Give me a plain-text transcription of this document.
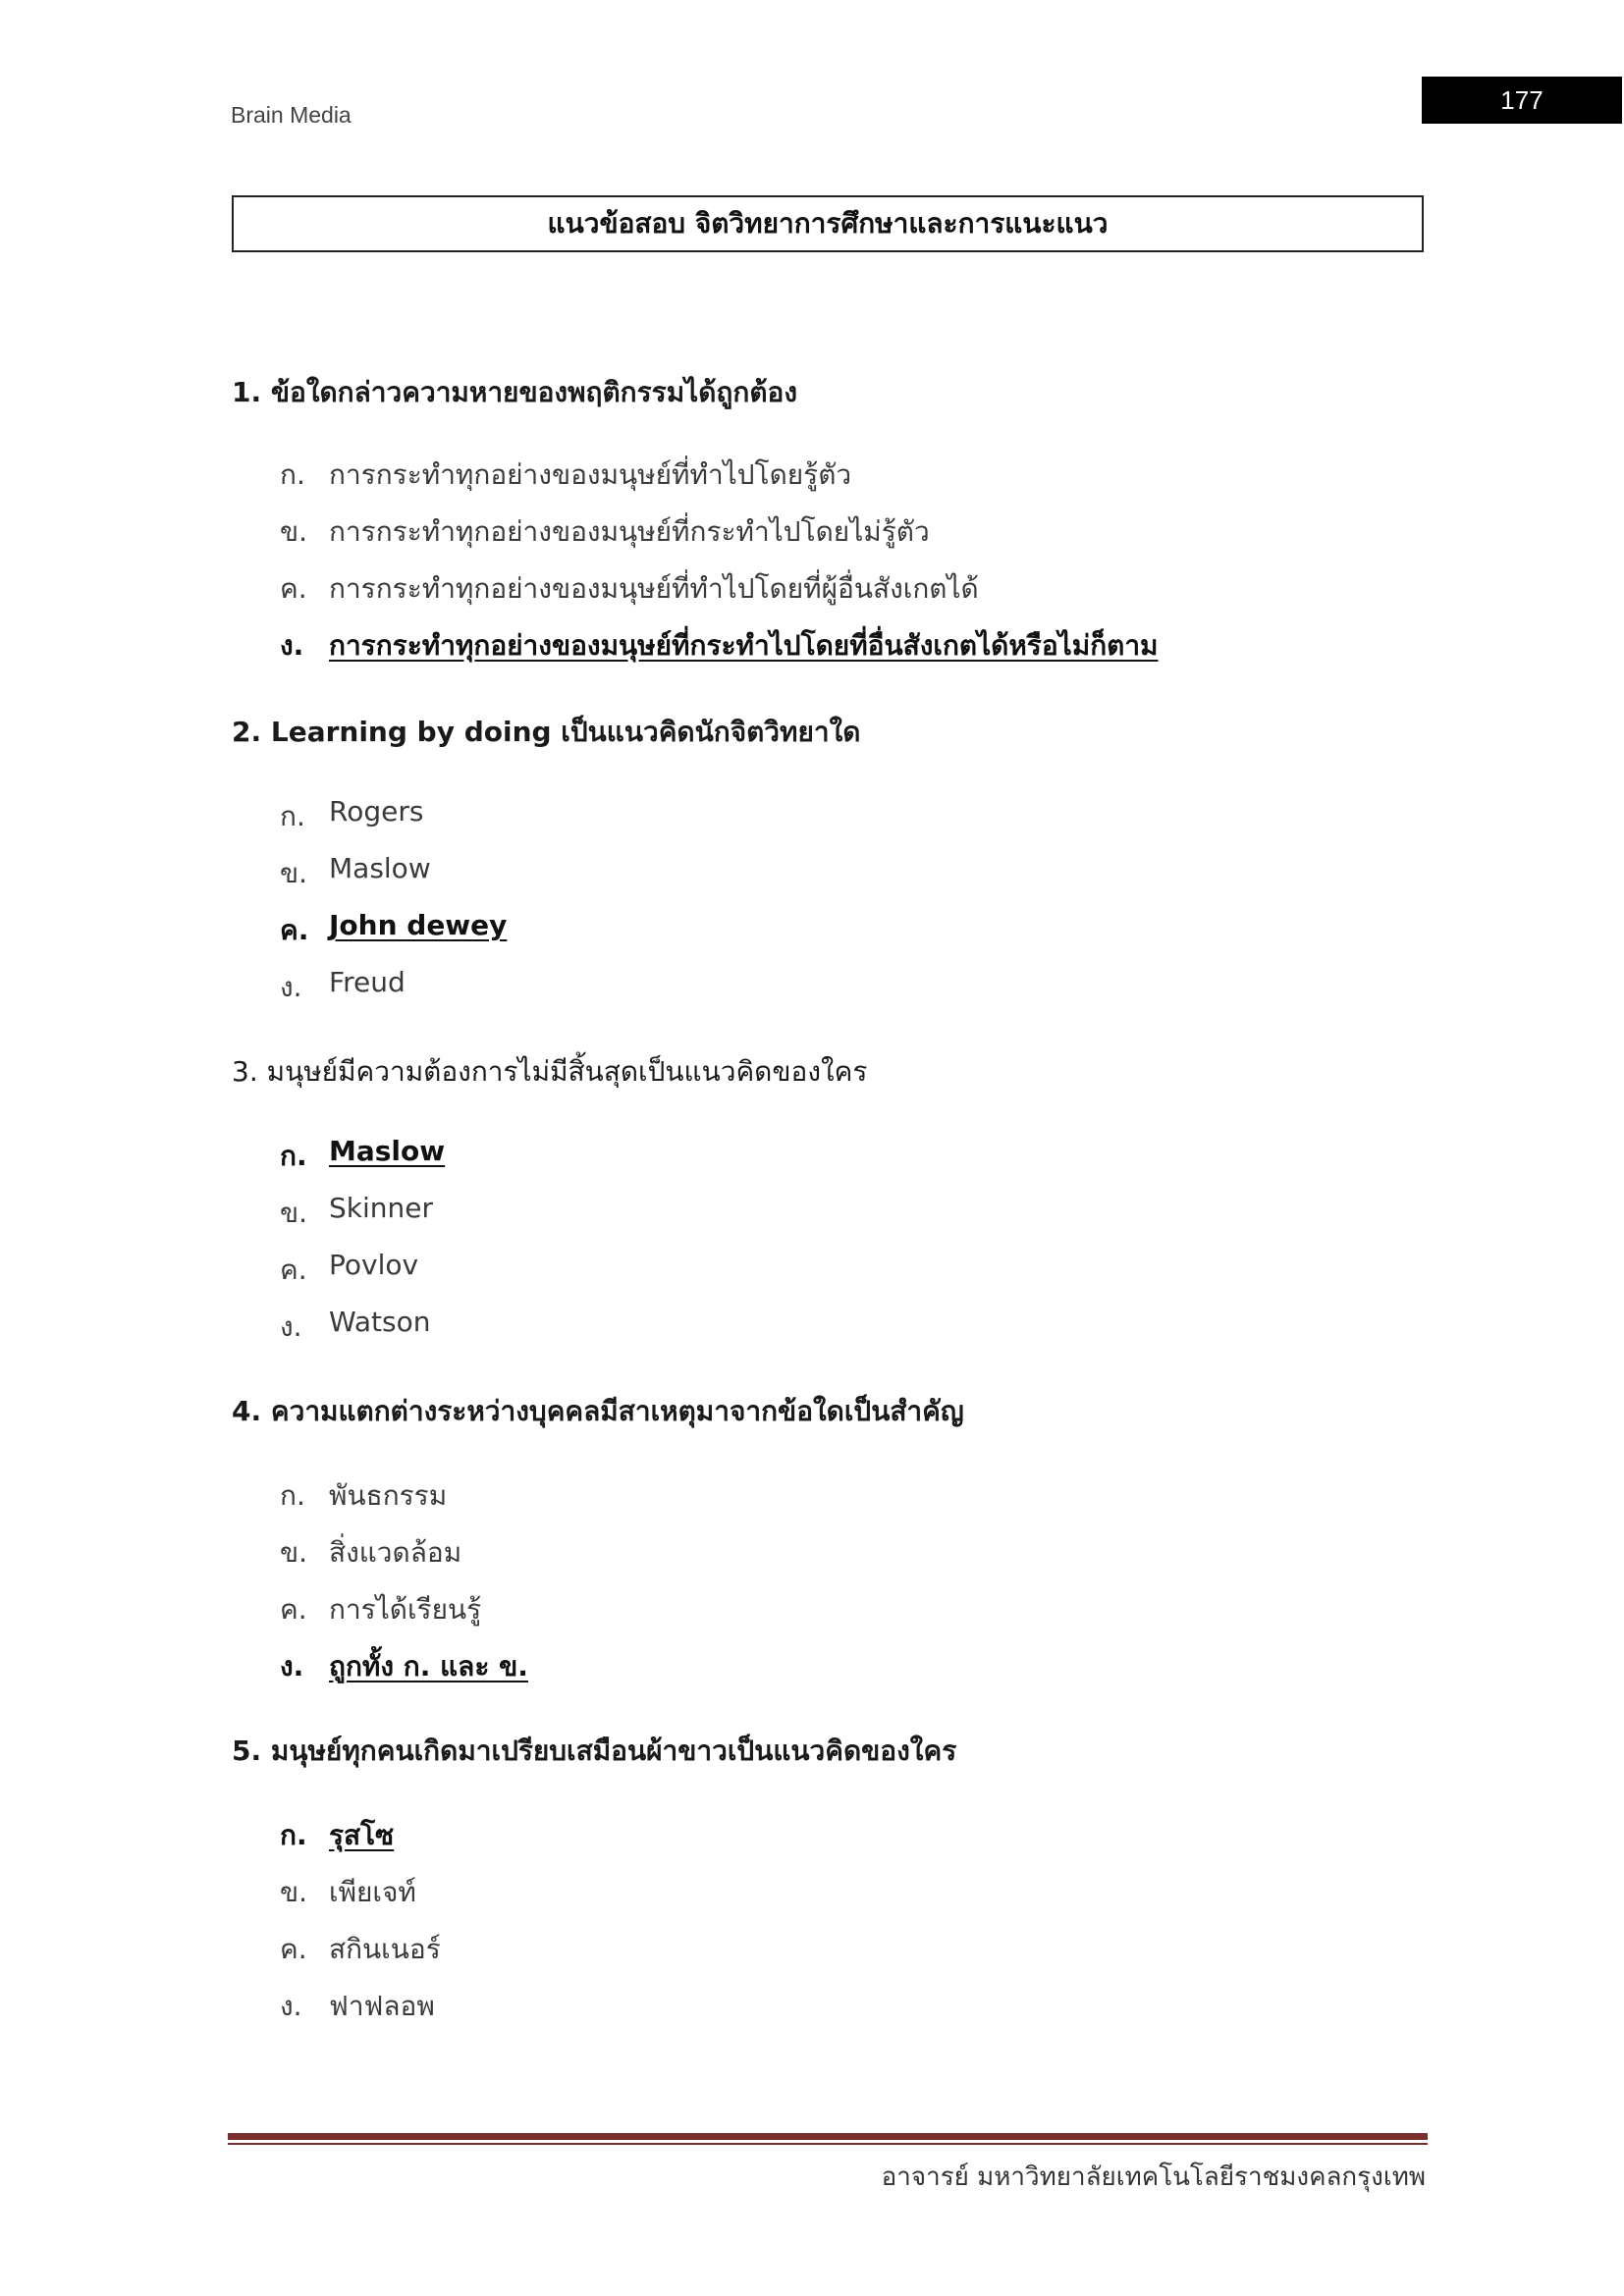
Brain Media
177
แนวข้อสอบ จิตวิทยาการศึกษาและการแนะแนว
1. ข้อใดกล่าวความหายของพฤติกรรมได้ถูกต้อง
ก. การกระทำทุกอย่างของมนุษย์ที่ทำไปโดยรู้ตัว
ข. การกระทำทุกอย่างของมนุษย์ที่กระทำไปโดยไม่รู้ตัว
ค. การกระทำทุกอย่างของมนุษย์ที่ทำไปโดยที่ผู้อื่นสังเกตได้
ง. การกระทำทุกอย่างของมนุษย์ที่กระทำไปโดยที่อื่นสังเกตได้หรือไม่ก็ตาม
2. Learning by doing เป็นแนวคิดนักจิตวิทยาใด
ก. Rogers
ข. Maslow
ค. John dewey
ง. Freud
3. มนุษย์มีความต้องการไม่มีสิ้นสุดเป็นแนวคิดของใคร
ก. Maslow
ข. Skinner
ค. Povlov
ง. Watson
4. ความแตกต่างระหว่างบุคคลมีสาเหตุมาจากข้อใดเป็นสำคัญ
ก. พันธกรรม
ข. สิ่งแวดล้อม
ค. การได้เรียนรู้
ง. ถูกทั้ง ก. และ ข.
5. มนุษย์ทุกคนเกิดมาเปรียบเสมือนผ้าขาวเป็นแนวคิดของใคร
ก. รุสโซ
ข. เพียเจท์
ค. สกินเนอร์
ง. ฟาฟลอพ
อาจารย์ มหาวิทยาลัยเทคโนโลยีราชมงคลกรุงเทพ
